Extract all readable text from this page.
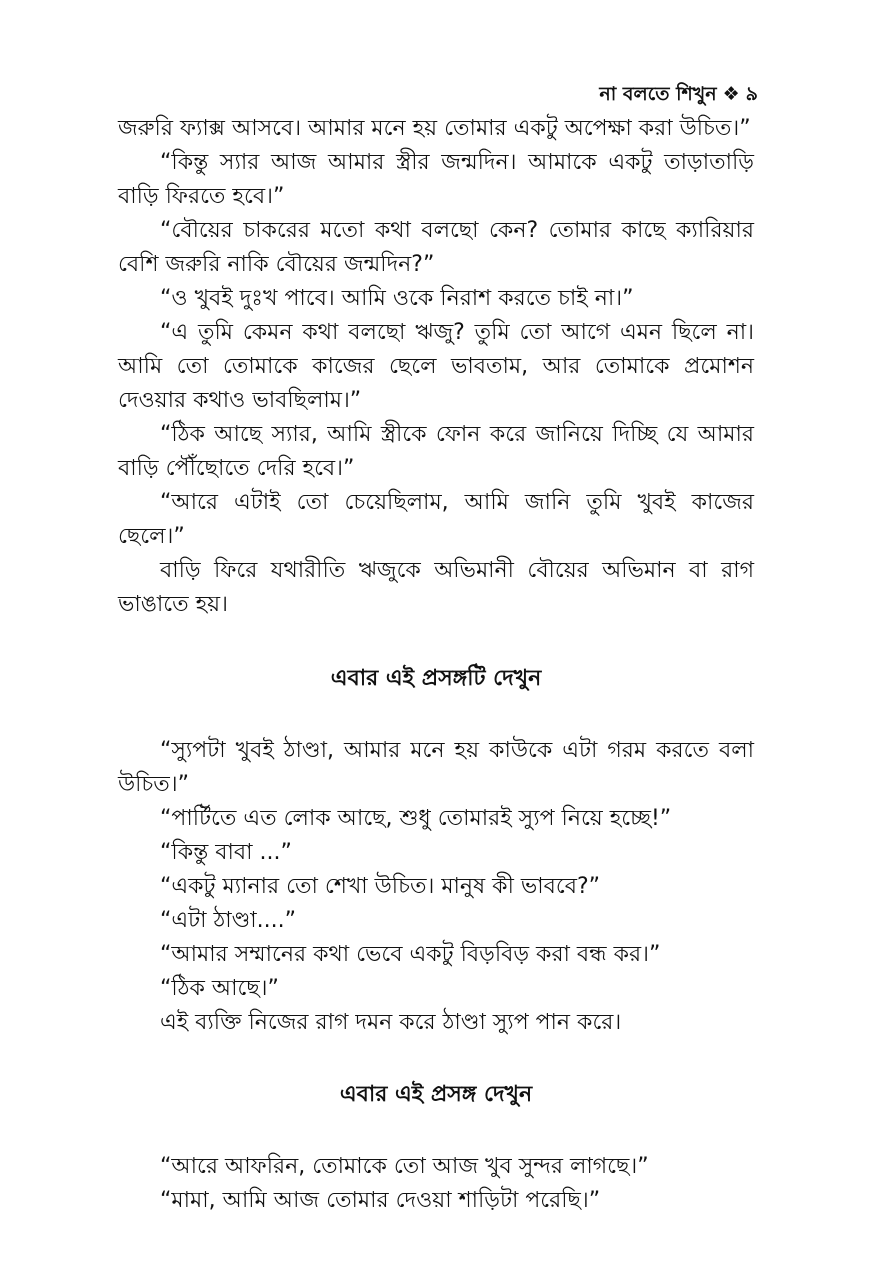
না বলতে শিখুন ❖ ৯

জরুরি ফ্যাক্স আসবে। আমার মনে হয় তোমার একটু অপেক্ষা করা উচিত।”

“কিন্তু স্যার আজ আমার স্ত্রীর জন্মদিন। আমাকে একটু তাড়াতাড়ি বাড়ি ফিরতে হবে।”

“বৌয়ের চাকরের মতো কথা বলছো কেন? তোমার কাছে ক্যারিয়ার বেশি জরুরি নাকি বৌয়ের জন্মদিন?”

“ও খুবই দুঃখ পাবে। আমি ওকে নিরাশ করতে চাই না।”

“এ তুমি কেমন কথা বলছো ঋজু? তুমি তো আগে এমন ছিলে না। আমি তো তোমাকে কাজের ছেলে ভাবতাম, আর তোমাকে প্রমোশন দেওয়ার কথাও ভাবছিলাম।”

“ঠিক আছে স্যার, আমি স্ত্রীকে ফোন করে জানিয়ে দিচ্ছি যে আমার বাড়ি পৌঁছোতে দেরি হবে।”

“আরে এটাই তো চেয়েছিলাম, আমি জানি তুমি খুবই কাজের ছেলে।”

বাড়ি ফিরে যথারীতি ঋজুকে অভিমানী বৌয়ের অভিমান বা রাগ ভাঙাতে হয়।

এবার এই প্রসঙ্গটি দেখুন

“স্যুপটা খুবই ঠাণ্ডা, আমার মনে হয় কাউকে এটা গরম করতে বলা উচিত।”

“পার্টিতে এত লোক আছে, শুধু তোমারই স্যুপ নিয়ে হচ্ছে!”

“কিন্তু বাবা ...”

“একটু ম্যানার তো শেখা উচিত। মানুষ কী ভাববে?”

“এটা ঠাণ্ডা....”

“আমার সম্মানের কথা ভেবে একটু বিড়বিড় করা বন্ধ কর।”

“ঠিক আছে।”

এই ব্যক্তি নিজের রাগ দমন করে ঠাণ্ডা স্যুপ পান করে।

এবার এই প্রসঙ্গ দেখুন

“আরে আফরিন, তোমাকে তো আজ খুব সুন্দর লাগছে।”

“মামা, আমি আজ তোমার দেওয়া শাড়িটা পরেছি।”
